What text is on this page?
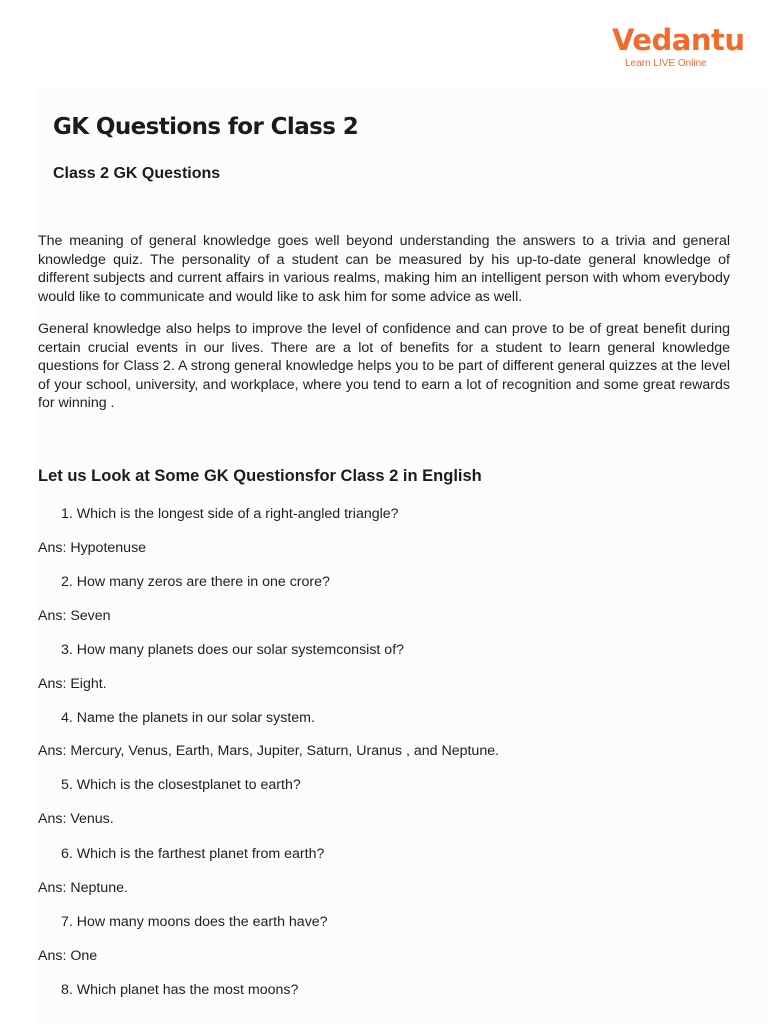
Vedantu
Learn LIVE Online
GK Questions for Class 2
Class 2 GK Questions

The meaning of general knowledge goes well beyond understanding the answers to a trivia and general knowledge quiz. The personality of a student can be measured by his up-to-date general knowledge of different subjects and current affairs in various realms, making him an intelligent person with whom everybody would like to communicate and would like to ask him for some advice as well.

General knowledge also helps to improve the level of confidence and can prove to be of great benefit during certain crucial events in our lives. There are a lot of benefits for a student to learn general knowledge questions for Class 2. A strong general knowledge helps you to be part of different general quizzes at the level of your school, university, and workplace, where you tend to earn a lot of recognition and some great rewards for winning .

Let us Look at Some GK Questionsfor Class 2 in English

1. Which is the longest side of a right-angled triangle?

Ans: Hypotenuse

2. How many zeros are there in one crore?

Ans: Seven

3. How many planets does our solar systemconsist of?

Ans: Eight.

4. Name the planets in our solar system.

Ans: Mercury, Venus, Earth, Mars, Jupiter, Saturn, Uranus , and Neptune.

5. Which is the closestplanet to earth?

Ans: Venus.

6. Which is the farthest planet from earth?

Ans: Neptune.

7. How many moons does the earth have?

Ans: One

8. Which planet has the most moons?
